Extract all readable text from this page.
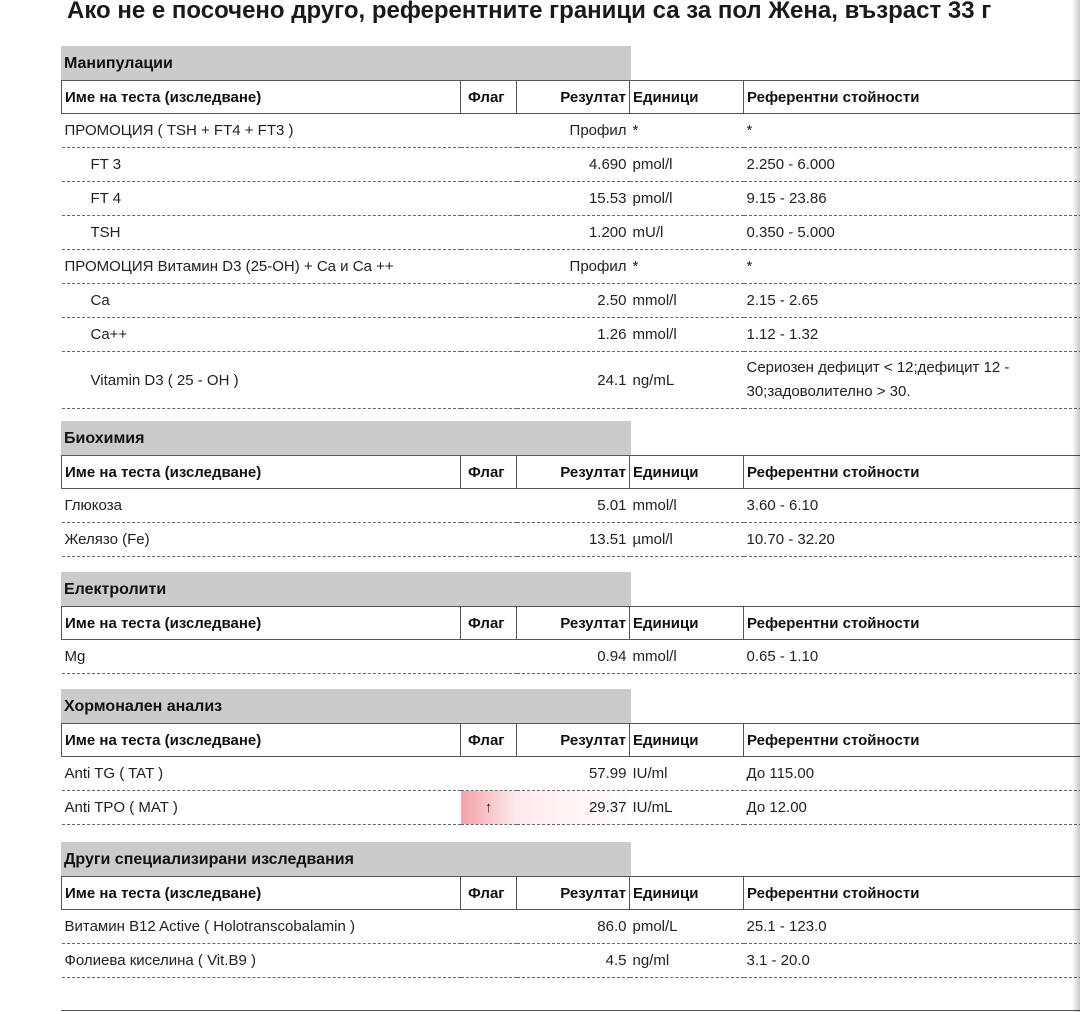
Ако не е посочено друго, референтните граници са за пол Жена, възраст 33 г
Манипулации
Име на теста (изследване)	Флаг	Резултат	Единици	Референтни стойности
ПРОМОЦИЯ ( TSH + FT4 + FT3 )		Профил	*	*
FT 3		4.690	pmol/l	2.250 - 6.000
FT 4		15.53	pmol/l	9.15 - 23.86
TSH		1.200	mU/l	0.350 - 5.000
ПРОМОЦИЯ Витамин D3 (25-OH) + Ca и Ca ++		Профил	*	*
Ca		2.50	mmol/l	2.15 - 2.65
Ca++		1.26	mmol/l	1.12 - 1.32
Vitamin D3 ( 25 - OH )		24.1	ng/mL	Сериозен дефицит < 12;дефицит 12 - 30;задоволително > 30.
Биохимия
Име на теста (изследване)	Флаг	Резултат	Единици	Референтни стойности
Глюкоза		5.01	mmol/l	3.60 - 6.10
Желязо (Fe)		13.51	µmol/l	10.70 - 32.20
Електролити
Име на теста (изследване)	Флаг	Резултат	Единици	Референтни стойности
Mg		0.94	mmol/l	0.65 - 1.10
Хормонален анализ
Име на теста (изследване)	Флаг	Резултат	Единици	Референтни стойности
Anti TG ( TAT )		57.99	IU/ml	До 115.00
Anti TPO ( MAT )	↑	29.37	IU/mL	До 12.00
Други специализирани изследвания
Име на теста (изследване)	Флаг	Резултат	Единици	Референтни стойности
Витамин B12 Active ( Holotranscobalamin )		86.0	pmol/L	25.1 - 123.0
Фолиева киселина ( Vit.B9 )		4.5	ng/ml	3.1 - 20.0
